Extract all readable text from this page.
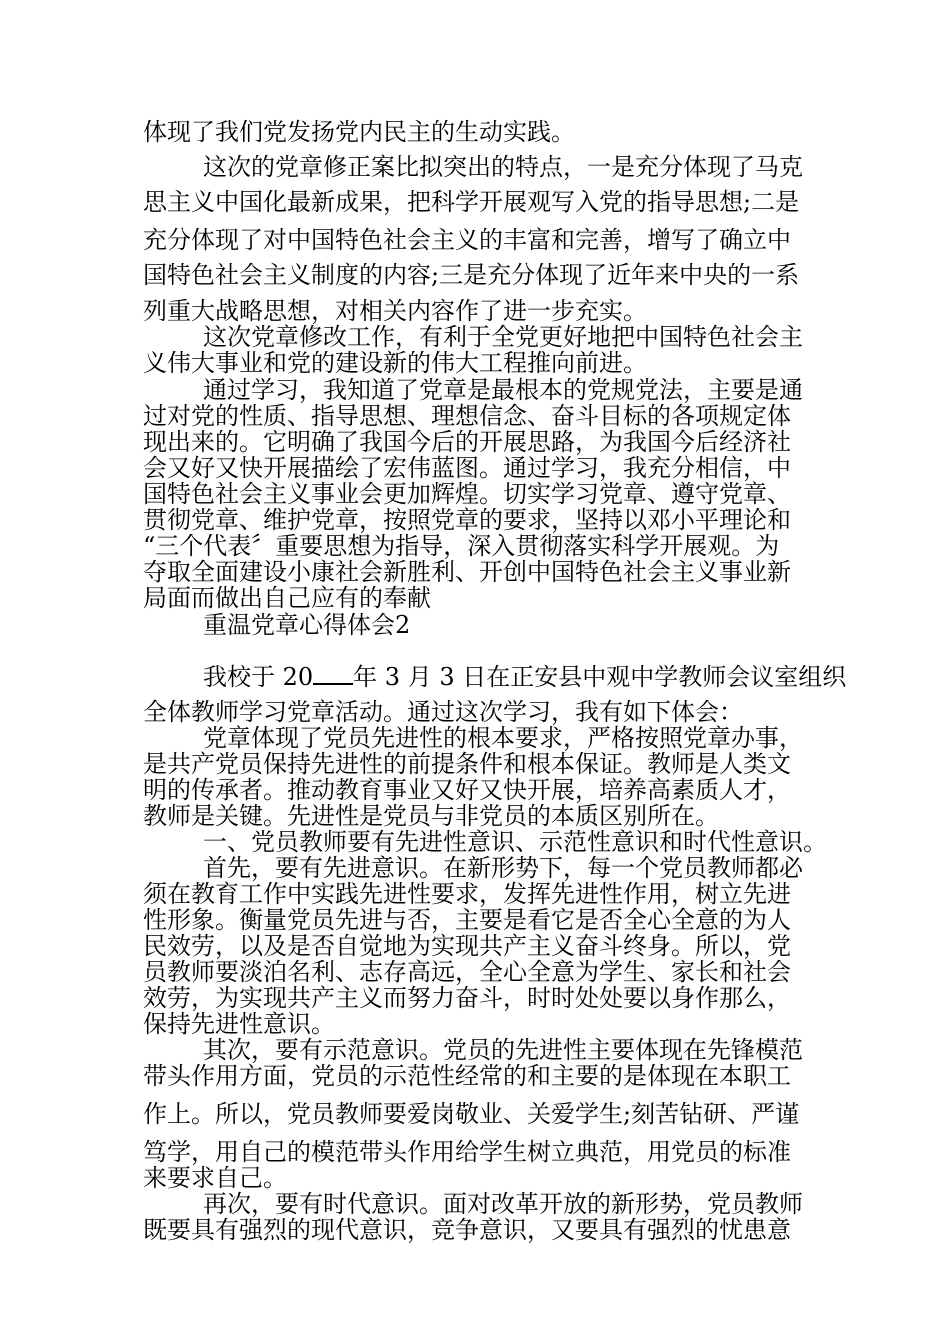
体现了我们党发扬党内民主的生动实践。

这次的党章修正案比拟突出的特点，一是充分体现了马克

思主义中国化最新成果，把科学开展观写入党的指导思想;二是

充分体现了对中国特色社会主义的丰富和完善，增写了确立中

国特色社会主义制度的内容;三是充分体现了近年来中央的一系

列重大战略思想，对相关内容作了进一步充实。

这次党章修改工作，有利于全党更好地把中国特色社会主

义伟大事业和党的建设新的伟大工程推向前进。

通过学习，我知道了党章是最根本的党规党法，主要是通

过对党的性质、指导思想、理想信念、奋斗目标的各项规定体

现出来的。它明确了我国今后的开展思路，为我国今后经济社

会又好又快开展描绘了宏伟蓝图。通过学习，我充分相信，中

国特色社会主义事业会更加辉煌。切实学习党章、遵守党章、

贯彻党章、维护党章，按照党章的要求，坚持以邓小平理论和

“三个代表〞重要思想为指导，深入贯彻落实科学开展观。为

夺取全面建设小康社会新胜利、开创中国特色社会主义事业新

局面而做出自己应有的奉献

重温党章心得体会2

我校于 20 年 3 月 3 日在正安县中观中学教师会议室组织

全体教师学习党章活动。通过这次学习，我有如下体会：

党章体现了党员先进性的根本要求，严格按照党章办事，

是共产党员保持先进性的前提条件和根本保证。教师是人类文

明的传承者。推动教育事业又好又快开展，培养高素质人才，

教师是关键。先进性是党员与非党员的本质区别所在。

一、党员教师要有先进性意识、示范性意识和时代性意识。

首先，要有先进意识。在新形势下，每一个党员教师都必

须在教育工作中实践先进性要求，发挥先进性作用，树立先进

性形象。衡量党员先进与否，主要是看它是否全心全意的为人

民效劳，以及是否自觉地为实现共产主义奋斗终身。所以，党

员教师要淡泊名利、志存高远，全心全意为学生、家长和社会

效劳，为实现共产主义而努力奋斗，时时处处要以身作那么，

保持先进性意识。

其次，要有示范意识。党员的先进性主要体现在先锋模范

带头作用方面，党员的示范性经常的和主要的是体现在本职工

作上。所以，党员教师要爱岗敬业、关爱学生;刻苦钻研、严谨

笃学，用自己的模范带头作用给学生树立典范，用党员的标准

来要求自己。

再次，要有时代意识。面对改革开放的新形势，党员教师

既要具有强烈的现代意识，竞争意识，又要具有强烈的忧患意
